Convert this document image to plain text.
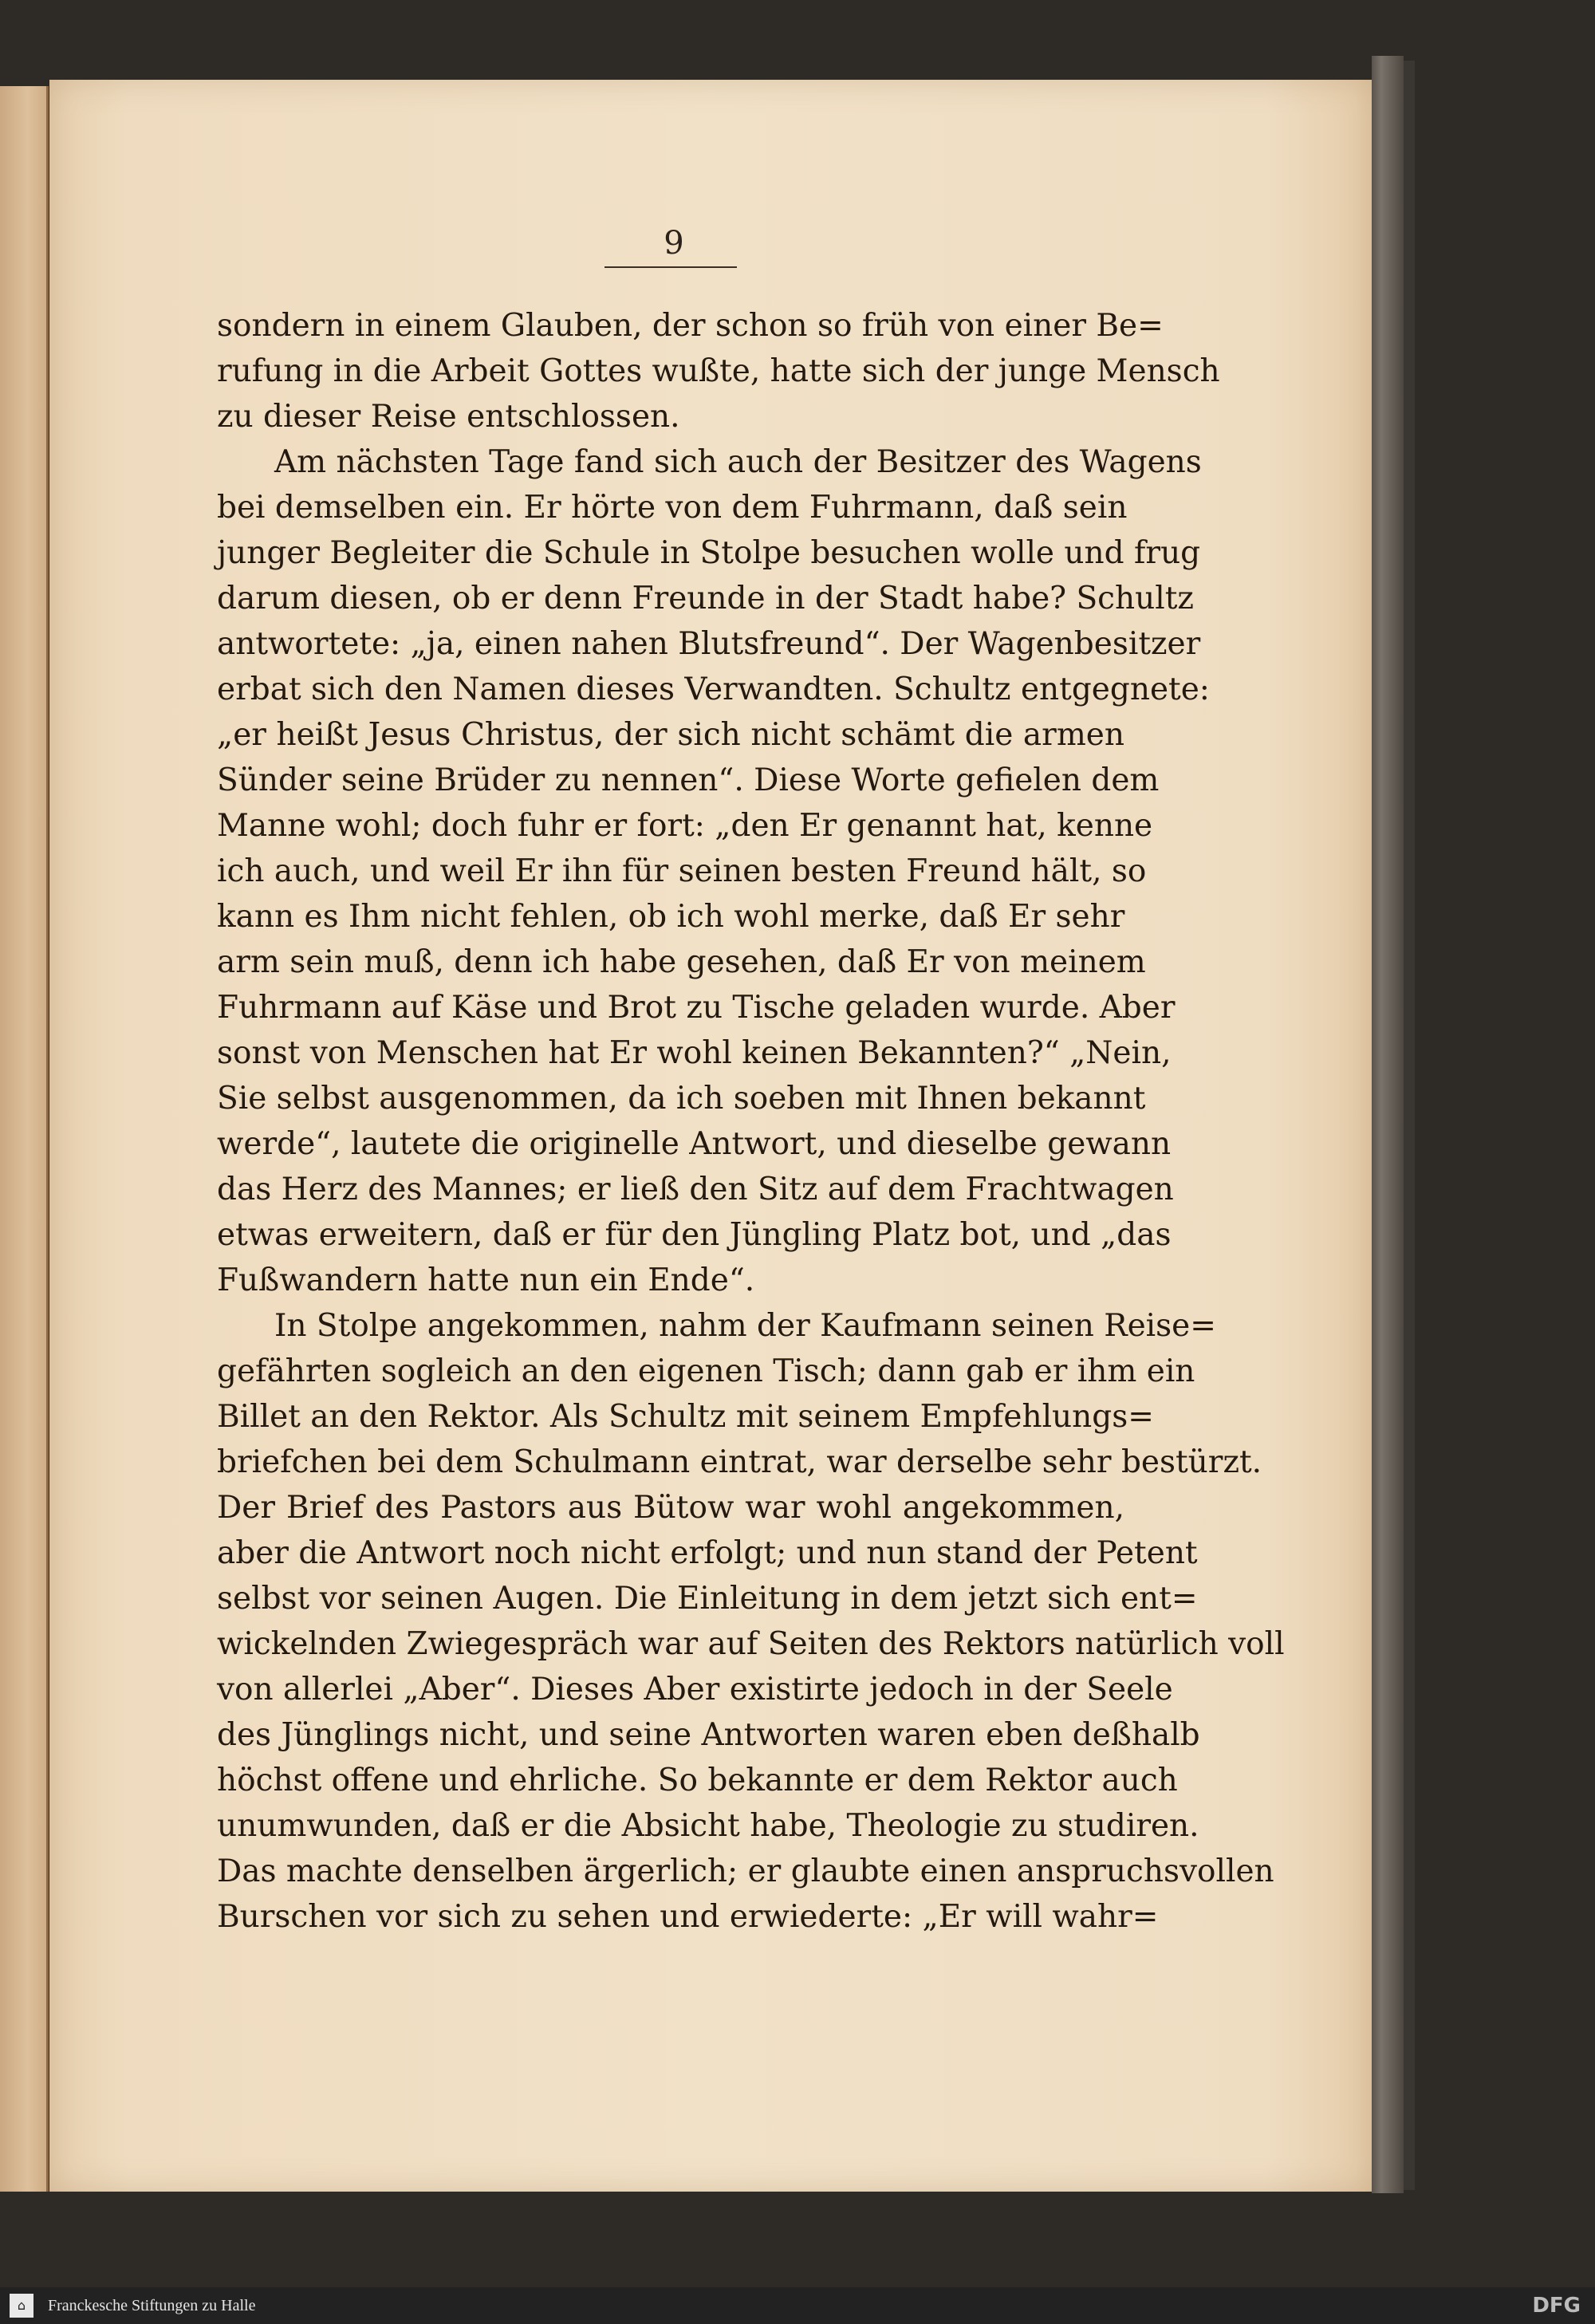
9
sondern in einem Glauben, der schon so früh von einer Be=
rufung in die Arbeit Gottes wußte, hatte sich der junge Mensch
zu dieser Reise entschlossen.
Am nächsten Tage fand sich auch der Besitzer des Wagens
bei demselben ein. Er hörte von dem Fuhrmann, daß sein
junger Begleiter die Schule in Stolpe besuchen wolle und frug
darum diesen, ob er denn Freunde in der Stadt habe? Schultz
antwortete: „ja, einen nahen Blutsfreund“. Der Wagenbesitzer
erbat sich den Namen dieses Verwandten. Schultz entgegnete:
„er heißt Jesus Christus, der sich nicht schämt die armen
Sünder seine Brüder zu nennen“. Diese Worte gefielen dem
Manne wohl; doch fuhr er fort: „den Er genannt hat, kenne
ich auch, und weil Er ihn für seinen besten Freund hält, so
kann es Ihm nicht fehlen, ob ich wohl merke, daß Er sehr
arm sein muß, denn ich habe gesehen, daß Er von meinem
Fuhrmann auf Käse und Brot zu Tische geladen wurde. Aber
sonst von Menschen hat Er wohl keinen Bekannten?“ „Nein,
Sie selbst ausgenommen, da ich soeben mit Ihnen bekannt
werde“, lautete die originelle Antwort, und dieselbe gewann
das Herz des Mannes; er ließ den Sitz auf dem Frachtwagen
etwas erweitern, daß er für den Jüngling Platz bot, und „das
Fußwandern hatte nun ein Ende“.
In Stolpe angekommen, nahm der Kaufmann seinen Reise=
gefährten sogleich an den eigenen Tisch; dann gab er ihm ein
Billet an den Rektor. Als Schultz mit seinem Empfehlungs=
briefchen bei dem Schulmann eintrat, war derselbe sehr bestürzt.
Der Brief des Pastors aus Bütow war wohl angekommen,
aber die Antwort noch nicht erfolgt; und nun stand der Petent
selbst vor seinen Augen. Die Einleitung in dem jetzt sich ent=
wickelnden Zwiegespräch war auf Seiten des Rektors natürlich voll
von allerlei „Aber“. Dieses Aber existirte jedoch in der Seele
des Jünglings nicht, und seine Antworten waren eben deßhalb
höchst offene und ehrliche. So bekannte er dem Rektor auch
unumwunden, daß er die Absicht habe, Theologie zu studiren.
Das machte denselben ärgerlich; er glaubte einen anspruchsvollen
Burschen vor sich zu sehen und erwiederte: „Er will wahr=
⌂	Franckesche Stiftungen zu Halle	DFG
